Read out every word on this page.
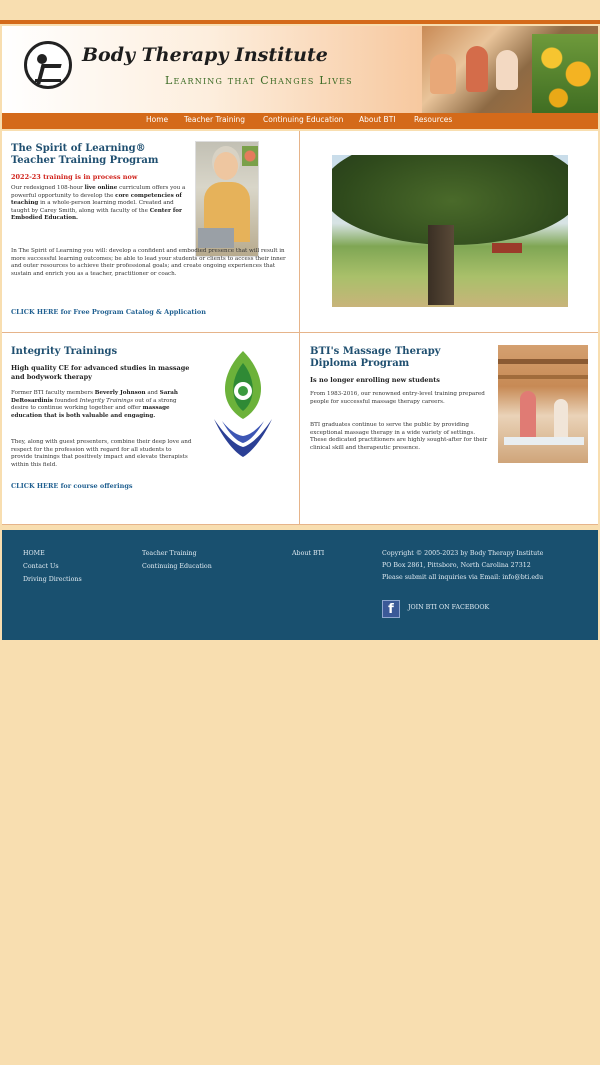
Body Therapy Institute
Learning that Changes Lives
Home Teacher Training Continuing Education About BTI Resources
The Spirit of Learning® Teacher Training Program
2022-23 training is in process now
Our redesigned 108-hour live online curriculum offers you a powerful opportunity to develop the core competencies of teaching in a whole-person learning model. Created and taught by Carey Smith, along with faculty of the Center for Embodied Education.
In The Spirit of Learning you will: develop a confident and embodied presence that will result in more successful learning outcomes; be able to lead your students or clients to access their inner and outer resources to achieve their professional goals; and create ongoing experiences that sustain and enrich you as a teacher, practitioner or coach.
CLICK HERE for Free Program Catalog & Application
Integrity Trainings
High quality CE for advanced studies in massage and bodywork therapy
Former BTI faculty members Beverly Johnson and Sarah DeRosardinis founded Integrity Trainings out of a strong desire to continue working together and offer massage education that is both valuable and engaging.
They, along with guest presenters, combine their deep love and respect for the profession with regard for all students to provide trainings that positively impact and elevate therapists within this field.
CLICK HERE for course offerings
BTI's Massage Therapy Diploma Program
Is no longer enrolling new students
From 1983-2016, our renowned entry-level training prepared people for successful massage therapy careers.
BTI graduates continue to serve the public by providing exceptional massage therapy in a wide variety of settings. These dedicated practitioners are highly sought-after for their clinical skill and therapeutic presence.
HOME
Contact Us
Driving Directions
Teacher Training
Continuing Education
About BTI	Copyright © 2005-2023 by Body Therapy Institute
PO Box 2861, Pittsboro, North Carolina 27312
Please submit all inquiries via Email: info@bti.edu
f	JOIN BTI ON FACEBOOK
